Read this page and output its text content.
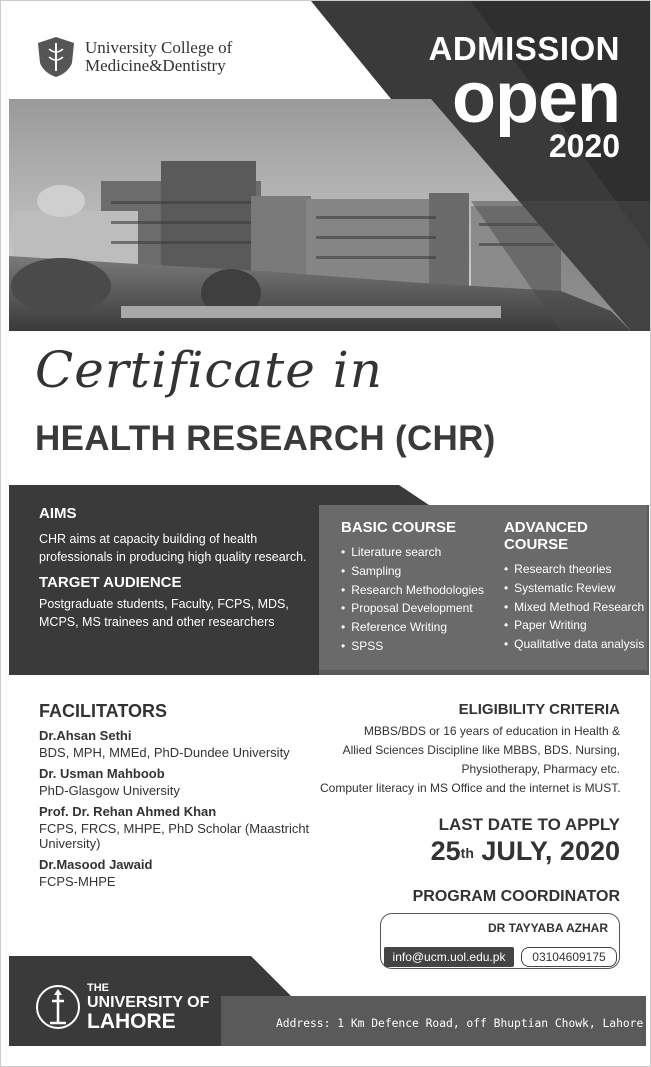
University College of
Medicine&Dentistry	ADMISSION
open
2020
Certificate in
HEALTH RESEARCH (CHR)
AIMS
CHR aims at capacity building of health professionals in producing high quality research.
TARGET AUDIENCE
Postgraduate students, Faculty, FCPS, MDS, MCPS, MS trainees and other researchers
BASIC COURSE
• Literature search
• Sampling
• Research Methodologies
• Proposal Development
• Reference Writing
• SPSS
ADVANCED COURSE
• Research theories
• Systematic Review
• Mixed Method Research
• Paper Writing
• Qualitative data analysis
FACILITATORS
Dr.Ahsan Sethi
BDS, MPH, MMEd, PhD-Dundee University
Dr. Usman Mahboob
PhD-Glasgow University
Prof. Dr. Rehan Ahmed Khan
FCPS, FRCS, MHPE, PhD Scholar (Maastricht University)
Dr.Masood Jawaid
FCPS-MHPE
ELIGIBILITY CRITERIA
MBBS/BDS or 16 years of education in Health &
Allied Sciences Discipline like MBBS, BDS. Nursing,
Physiotherapy, Pharmacy etc.
Computer literacy in MS Office and the internet is MUST.
LAST DATE TO APPLY
25th JULY, 2020
PROGRAM COORDINATOR
DR TAYYABA AZHAR
info@ucm.uol.edu.pk	03104609175
THE
UNIVERSITY OF
LAHORE	Address: 1 Km Defence Road, off Bhuptian Chowk, Lahore
